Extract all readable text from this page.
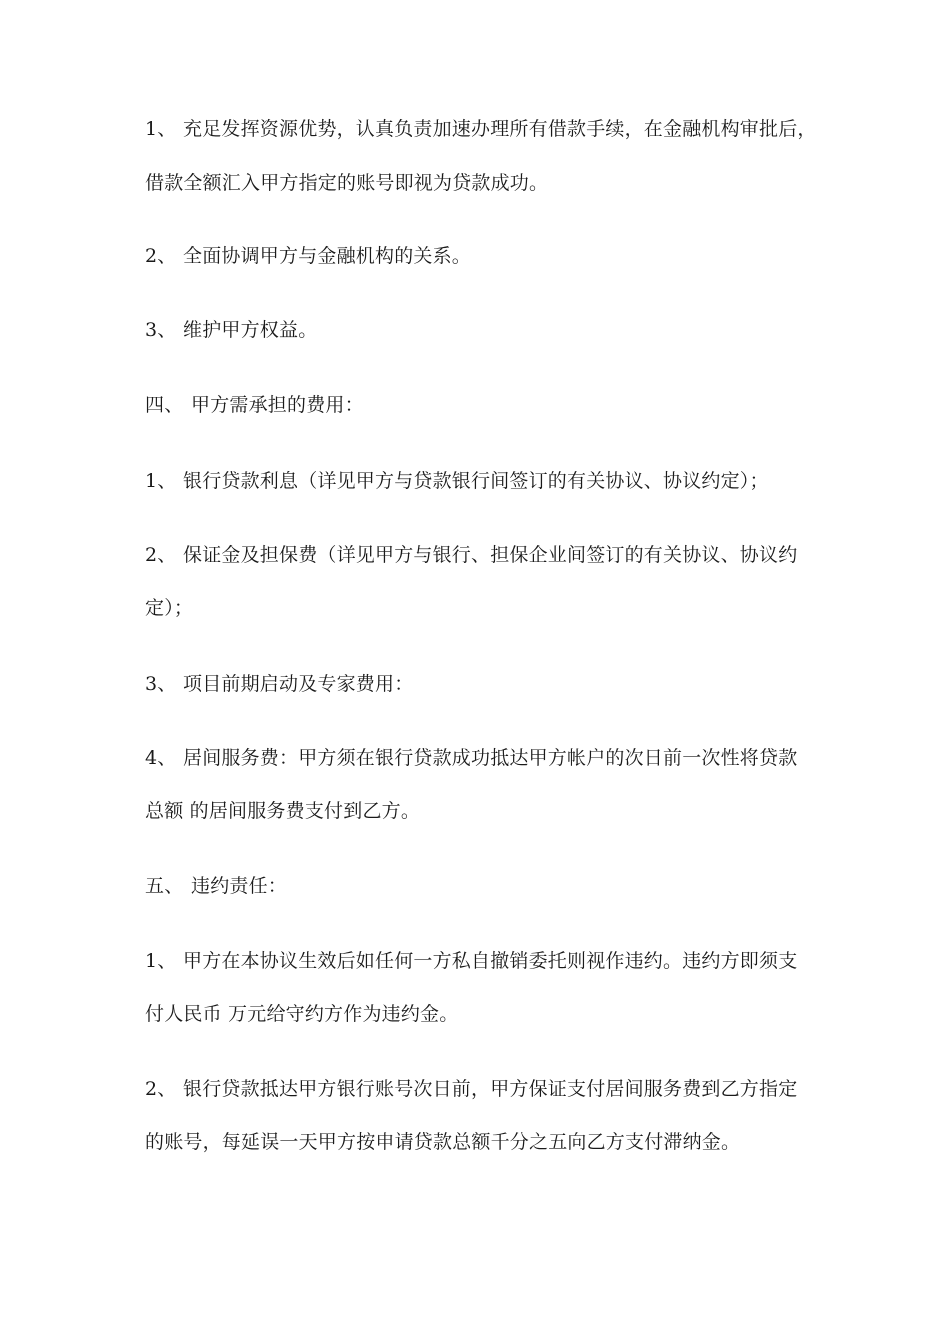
1、 充足发挥资源优势，认真负责加速办理所有借款手续，在金融机构审批后，
借款全额汇入甲方指定的账号即视为贷款成功。
2、 全面协调甲方与金融机构的关系。
3、 维护甲方权益。
四、 甲方需承担的费用：
1、 银行贷款利息（详见甲方与贷款银行间签订的有关协议、协议约定）；
2、 保证金及担保费（详见甲方与银行、担保企业间签订的有关协议、协议约
定）；
3、 项目前期启动及专家费用：
4、 居间服务费：甲方须在银行贷款成功抵达甲方帐户的次日前一次性将贷款
总额 的居间服务费支付到乙方。
五、 违约责任：
1、 甲方在本协议生效后如任何一方私自撤销委托则视作违约。违约方即须支
付人民币 万元给守约方作为违约金。
2、 银行贷款抵达甲方银行账号次日前，甲方保证支付居间服务费到乙方指定
的账号，每延误一天甲方按申请贷款总额千分之五向乙方支付滞纳金。
